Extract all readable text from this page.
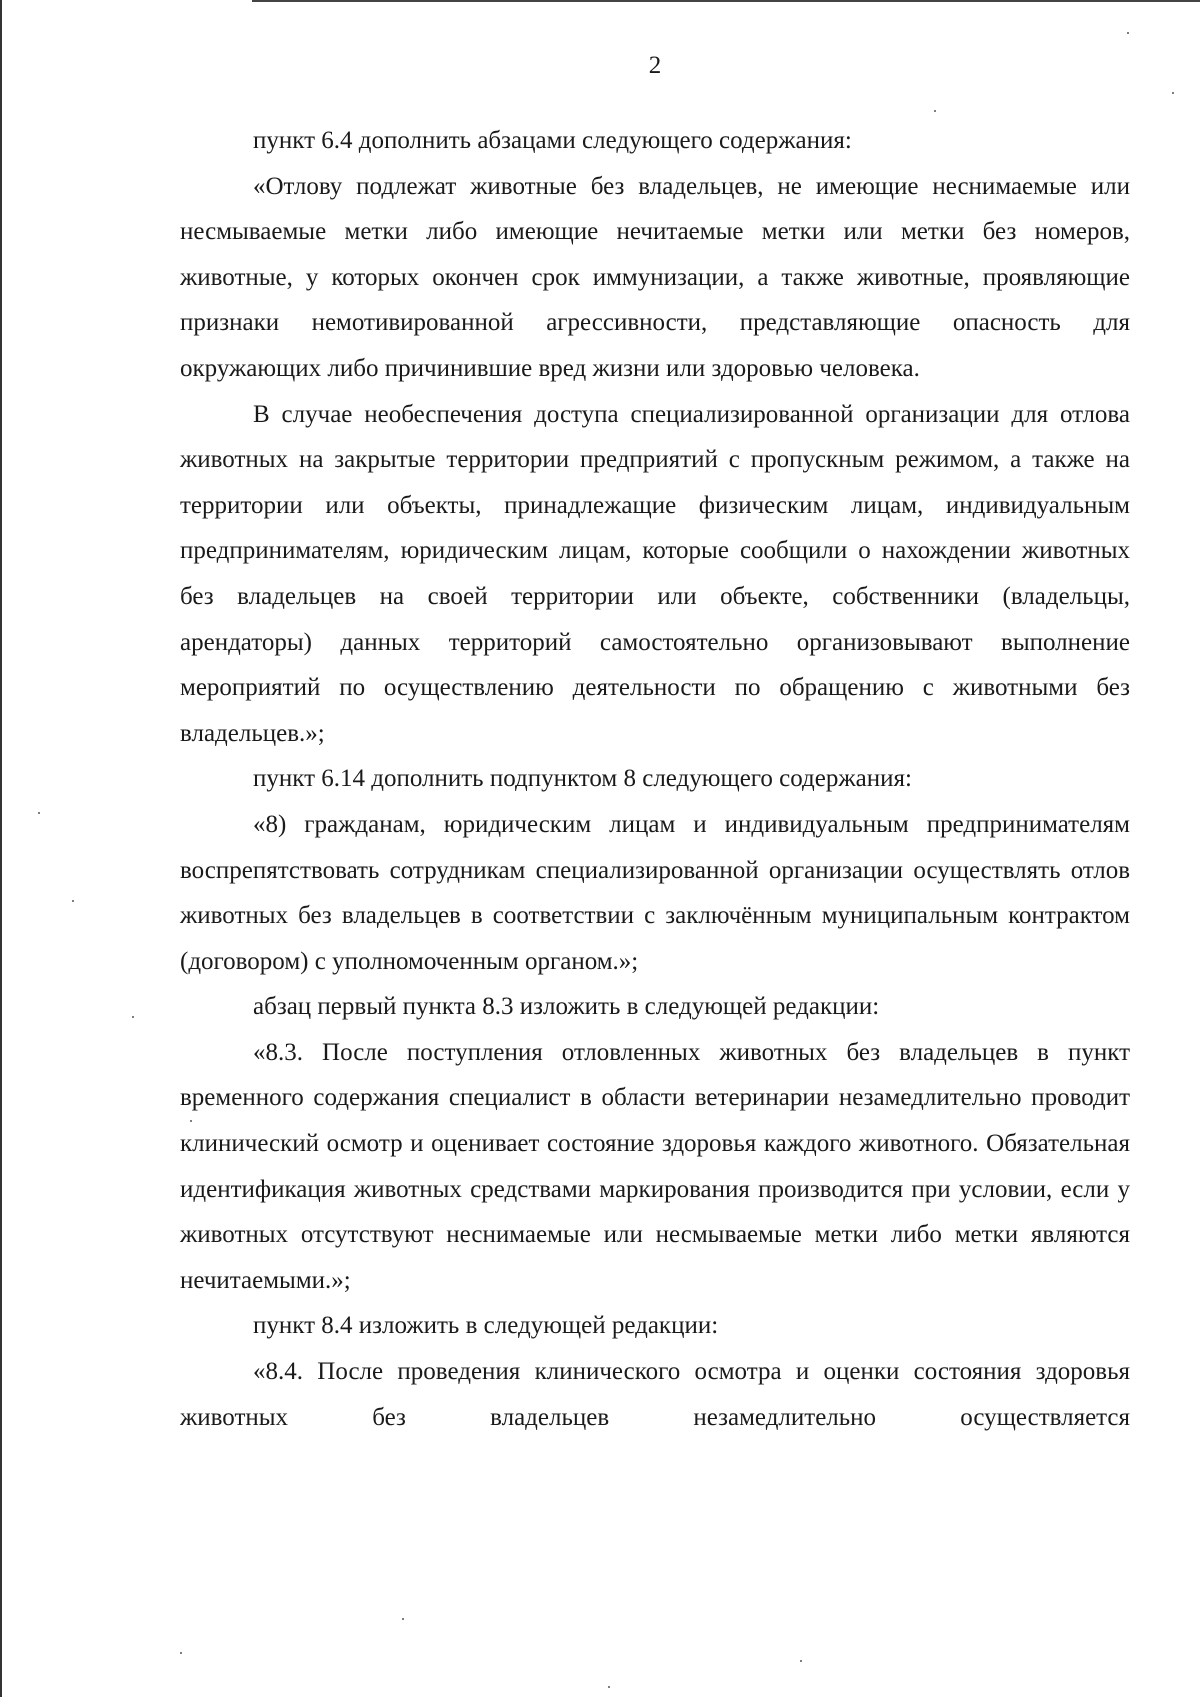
2

пункт 6.4 дополнить абзацами следующего содержания:

«Отлову подлежат животные без владельцев, не имеющие неснимаемые или несмываемые метки либо имеющие нечитаемые метки или метки без номеров, животные, у которых окончен срок иммунизации, а также животные, проявляющие признаки немотивированной агрессивности, представляющие опасность для окружающих либо причинившие вред жизни или здоровью человека.

В случае необеспечения доступа специализированной организации для отлова животных на закрытые территории предприятий с пропускным режимом, а также на территории или объекты, принадлежащие физическим лицам, индивидуальным предпринимателям, юридическим лицам, которые сообщили о нахождении животных без владельцев на своей территории или объекте, собственники (владельцы, арендаторы) данных территорий самостоятельно организовывают выполнение мероприятий по осуществлению деятельности по обращению с животными без владельцев.»;

пункт 6.14 дополнить подпунктом 8 следующего содержания:

«8) гражданам, юридическим лицам и индивидуальным предпринимателям воспрепятствовать сотрудникам специализированной организации осуществлять отлов животных без владельцев в соответствии с заключённым муниципальным контрактом (договором) с уполномоченным органом.»;

абзац первый пункта 8.3 изложить в следующей редакции:

«8.3. После поступления отловленных животных без владельцев в пункт временного содержания специалист в области ветеринарии незамедлительно проводит клинический осмотр и оценивает состояние здоровья каждого животного. Обязательная идентификация животных средствами маркирования производится при условии, если у животных отсутствуют неснимаемые или несмываемые метки либо метки являются нечитаемыми.»;

пункт 8.4 изложить в следующей редакции:

«8.4. После проведения клинического осмотра и оценки состояния здоровья животных без владельцев незамедлительно осуществляется
